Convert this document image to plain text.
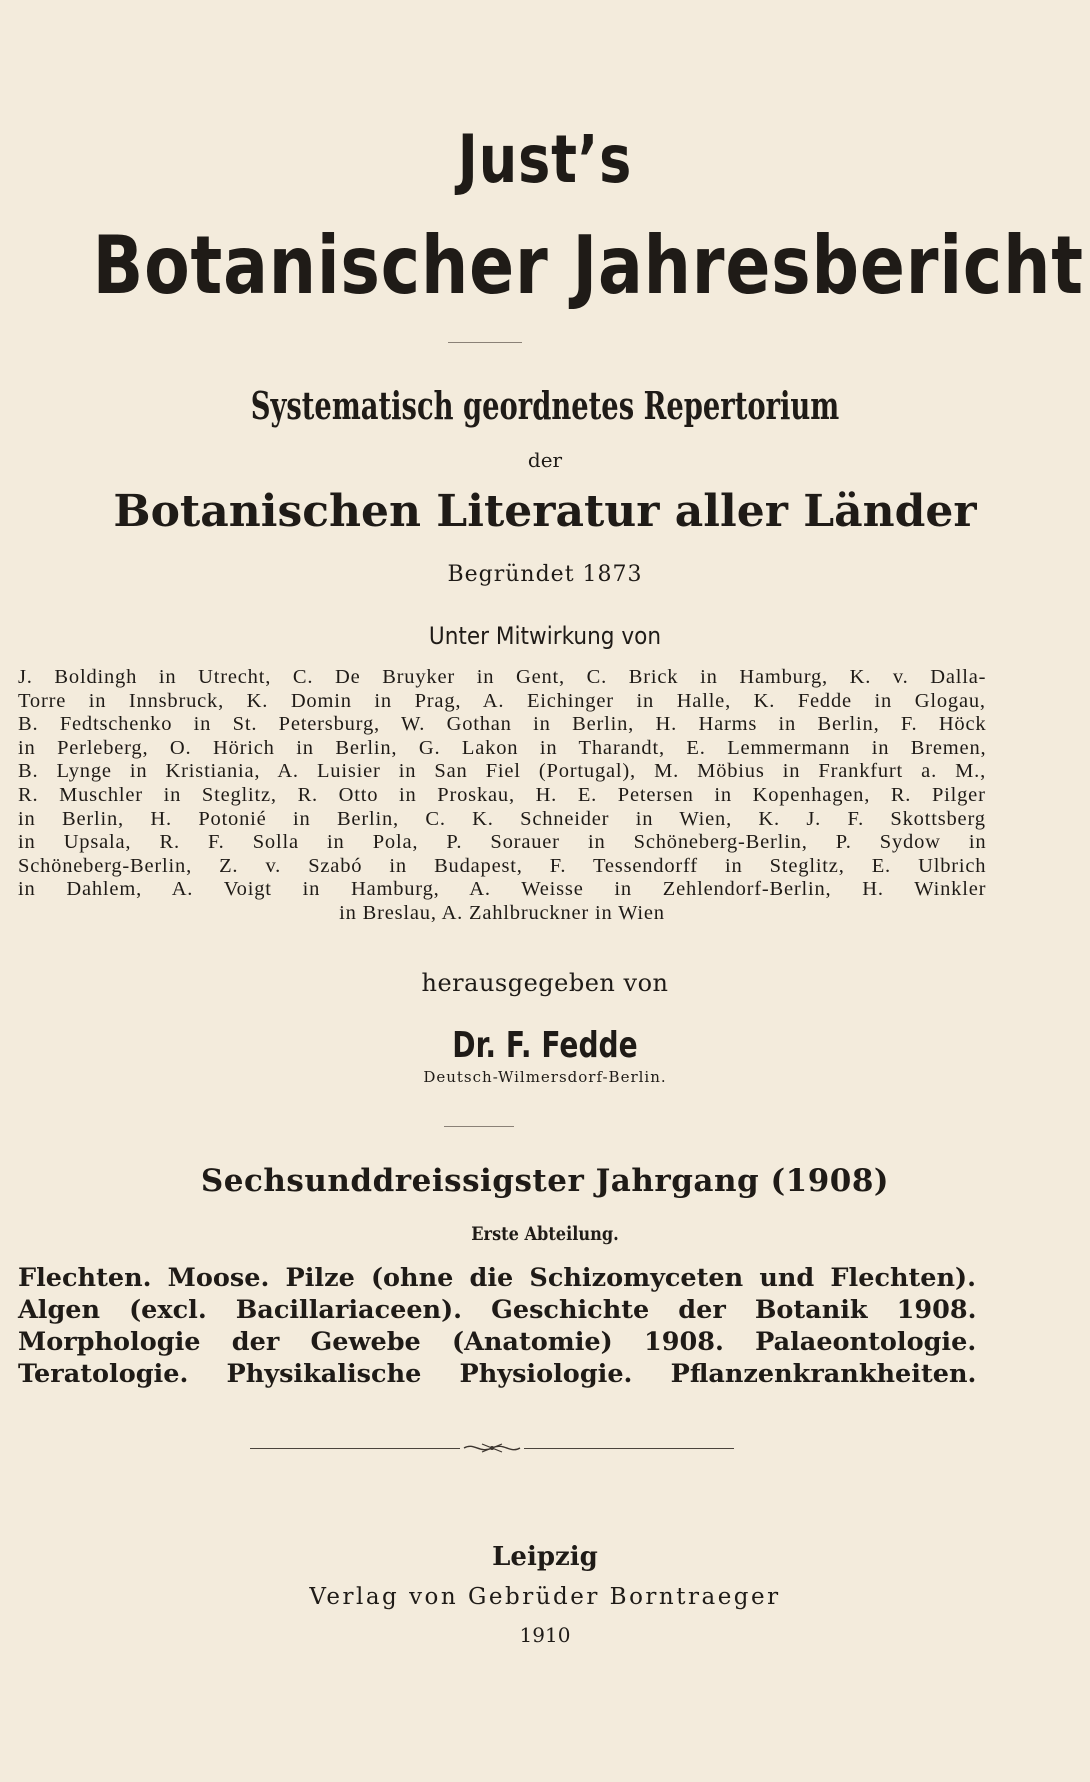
Just’s
Botanischer Jahresbericht
Systematisch geordnetes Repertorium
der
Botanischen Literatur aller Länder
Begründet 1873
Unter Mitwirkung von
J. Boldingh in Utrecht, C. De Bruyker in Gent, C. Brick in Hamburg, K. v. Dalla-
Torre in Innsbruck, K. Domin in Prag, A. Eichinger in Halle, K. Fedde in Glogau,
B. Fedtschenko in St. Petersburg, W. Gothan in Berlin, H. Harms in Berlin, F. Höck
in Perleberg, O. Hörich in Berlin, G. Lakon in Tharandt, E. Lemmermann in Bremen,
B. Lynge in Kristiania, A. Luisier in San Fiel (Portugal), M. Möbius in Frankfurt a. M.,
R. Muschler in Steglitz, R. Otto in Proskau, H. E. Petersen in Kopenhagen, R. Pilger
in Berlin, H. Potonié in Berlin, C. K. Schneider in Wien, K. J. F. Skottsberg
in Upsala, R. F. Solla in Pola, P. Sorauer in Schöneberg-Berlin, P. Sydow in
Schöneberg-Berlin, Z. v. Szabó in Budapest, F. Tessendorff in Steglitz, E. Ulbrich
in Dahlem, A. Voigt in Hamburg, A. Weisse in Zehlendorf-Berlin, H. Winkler
in Breslau, A. Zahlbruckner in Wien
herausgegeben von
Dr. F. Fedde
Deutsch-Wilmersdorf-Berlin.
Sechsunddreissigster Jahrgang (1908)
Erste Abteilung.
Flechten. Moose. Pilze (ohne die Schizomyceten und Flechten).
Algen (excl. Bacillariaceen). Geschichte der Botanik 1908.
Morphologie der Gewebe (Anatomie) 1908. Palaeontologie.
Teratologie. Physikalische Physiologie. Pflanzenkrankheiten.
Leipzig
Verlag von Gebrüder Borntraeger
1910
